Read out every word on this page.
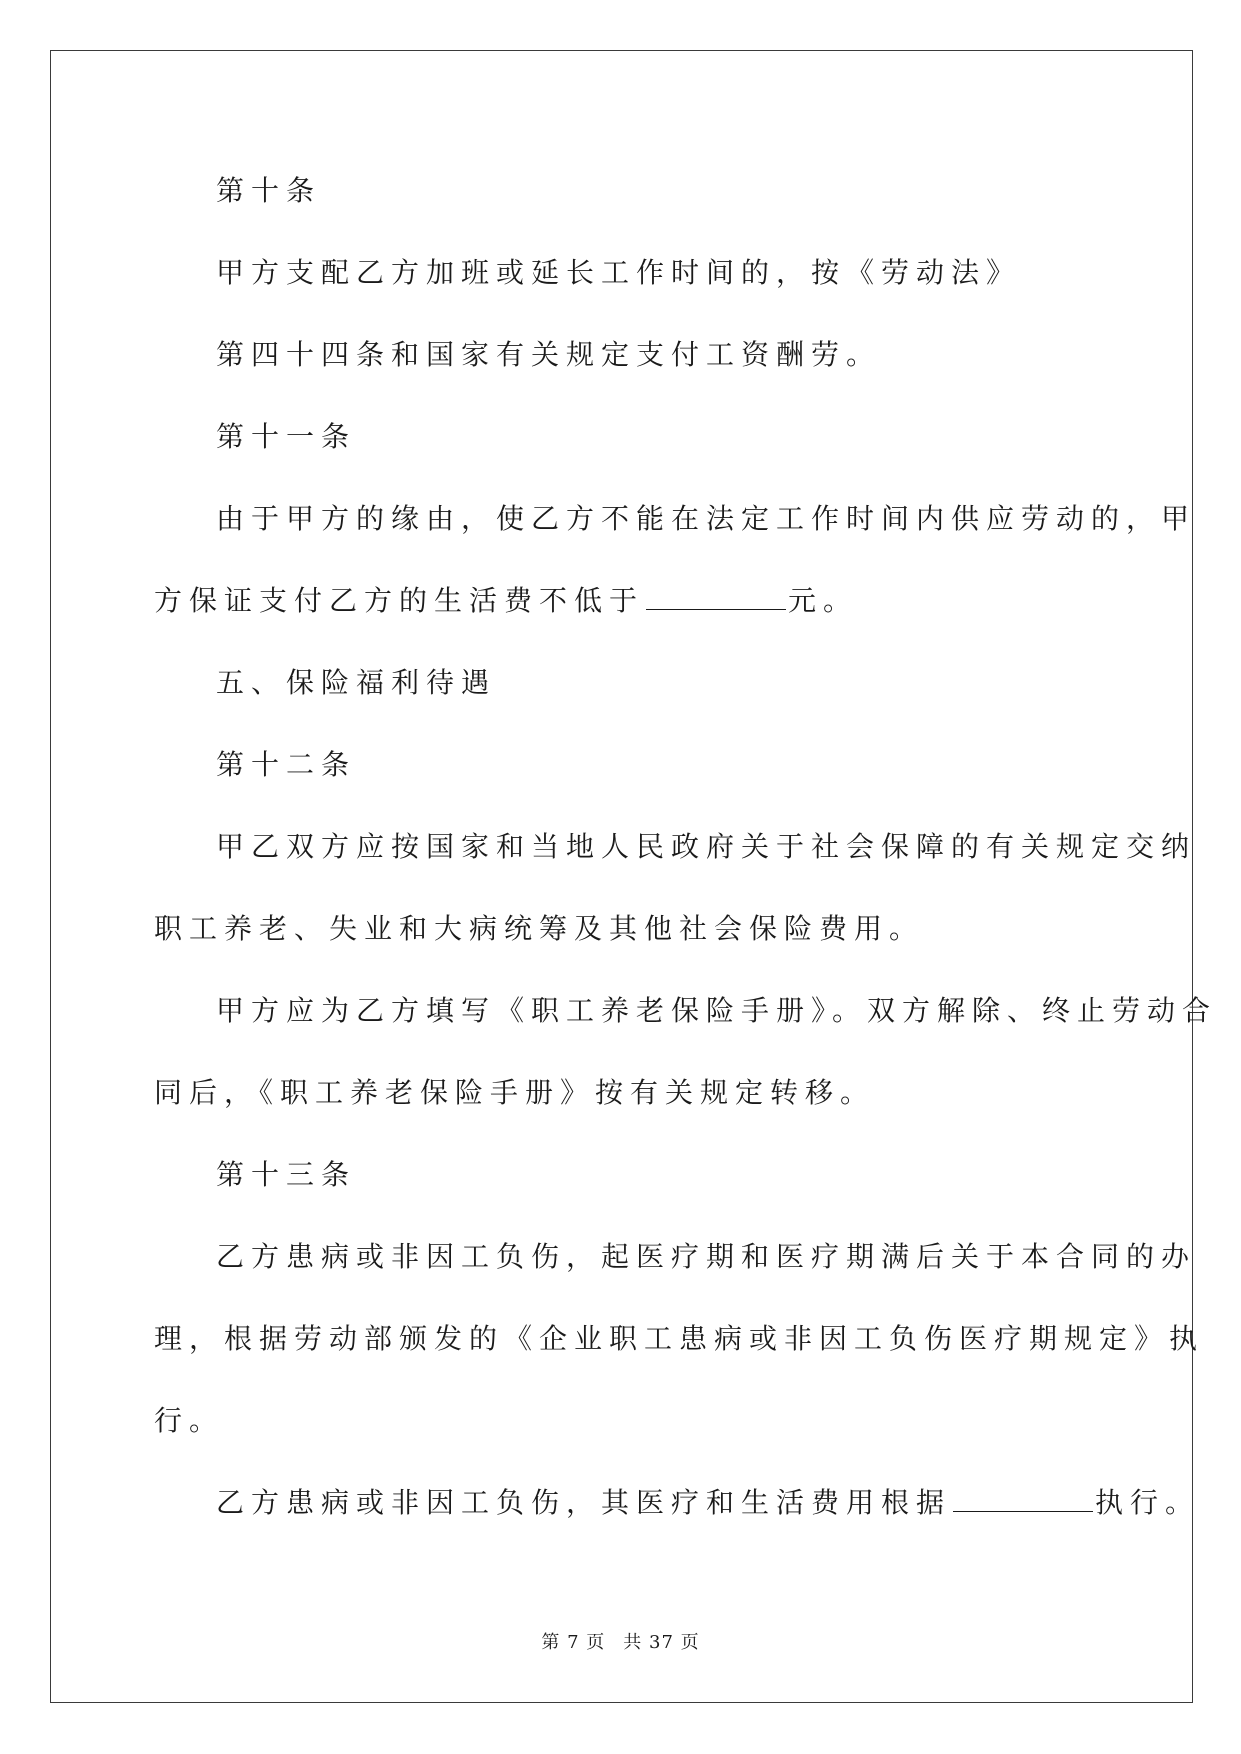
第十条

甲方支配乙方加班或延长工作时间的，按《劳动法》

第四十四条和国家有关规定支付工资酬劳。

第十一条

由于甲方的缘由，使乙方不能在法定工作时间内供应劳动的，甲

方保证支付乙方的生活费不低于	元。

五、保险福利待遇

第十二条

甲乙双方应按国家和当地人民政府关于社会保障的有关规定交纳

职工养老、失业和大病统筹及其他社会保险费用。

甲方应为乙方填写《职工养老保险手册》。双方解除、终止劳动合

同后，《职工养老保险手册》按有关规定转移。

第十三条

乙方患病或非因工负伤，起医疗期和医疗期满后关于本合同的办

理，根据劳动部颁发的《企业职工患病或非因工负伤医疗期规定》执

行。

乙方患病或非因工负伤，其医疗和生活费用根据	执行。

第 7 页 共 37 页
